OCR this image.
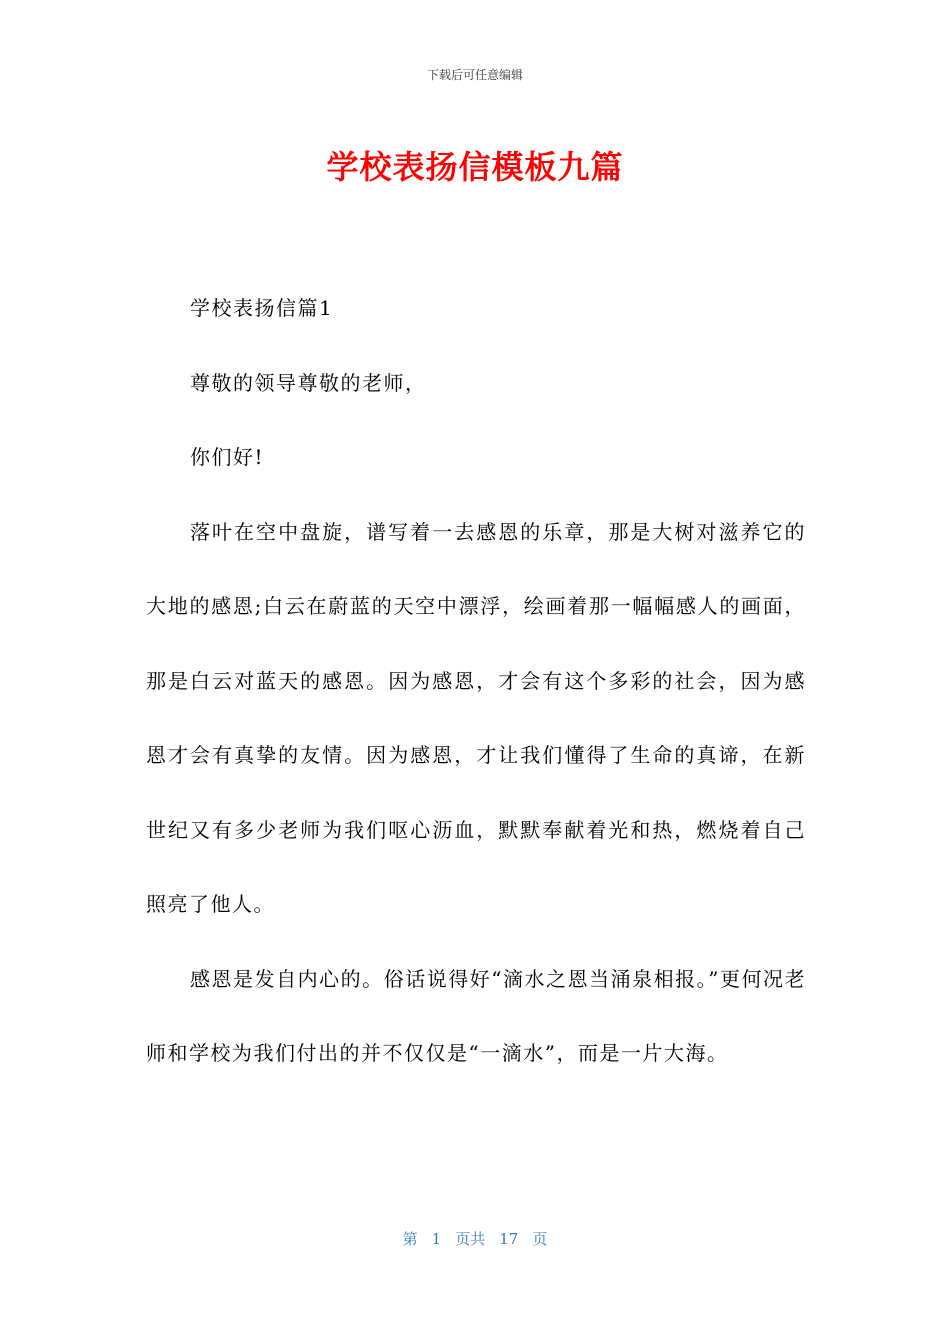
下载后可任意编辑
学校表扬信模板九篇

学校表扬信篇1

尊敬的领导尊敬的老师，

你们好!

落叶在空中盘旋，谱写着一去感恩的乐章，那是大树对滋养它的大地的感恩;白云在蔚蓝的天空中漂浮，绘画着那一幅幅感人的画面，那是白云对蓝天的感恩。因为感恩，才会有这个多彩的社会，因为感恩才会有真挚的友情。因为感恩，才让我们懂得了生命的真谛，在新世纪又有多少老师为我们呕心沥血，默默奉献着光和热，燃烧着自己照亮了他人。

感恩是发自内心的。俗话说得好“滴水之恩当涌泉相报。”更何况老师和学校为我们付出的并不仅仅是“一滴水”，而是一片大海。

第 1 页共 17 页
